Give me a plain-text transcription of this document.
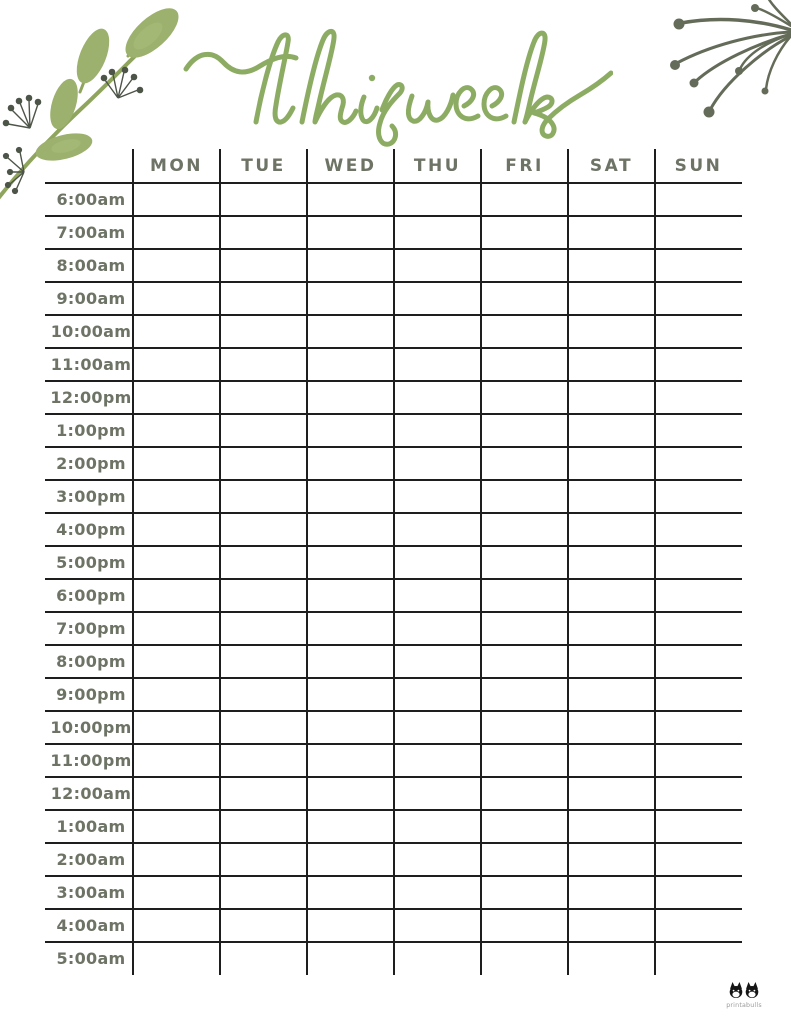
MON	TUE	WED	THU	FRI	SAT	SUN
6:00am
7:00am
8:00am
9:00am
10:00am
11:00am
12:00pm
1:00pm
2:00pm
3:00pm
4:00pm
5:00pm
6:00pm
7:00pm
8:00pm
9:00pm
10:00pm
11:00pm
12:00am
1:00am
2:00am
3:00am
4:00am
5:00am
printabulls
